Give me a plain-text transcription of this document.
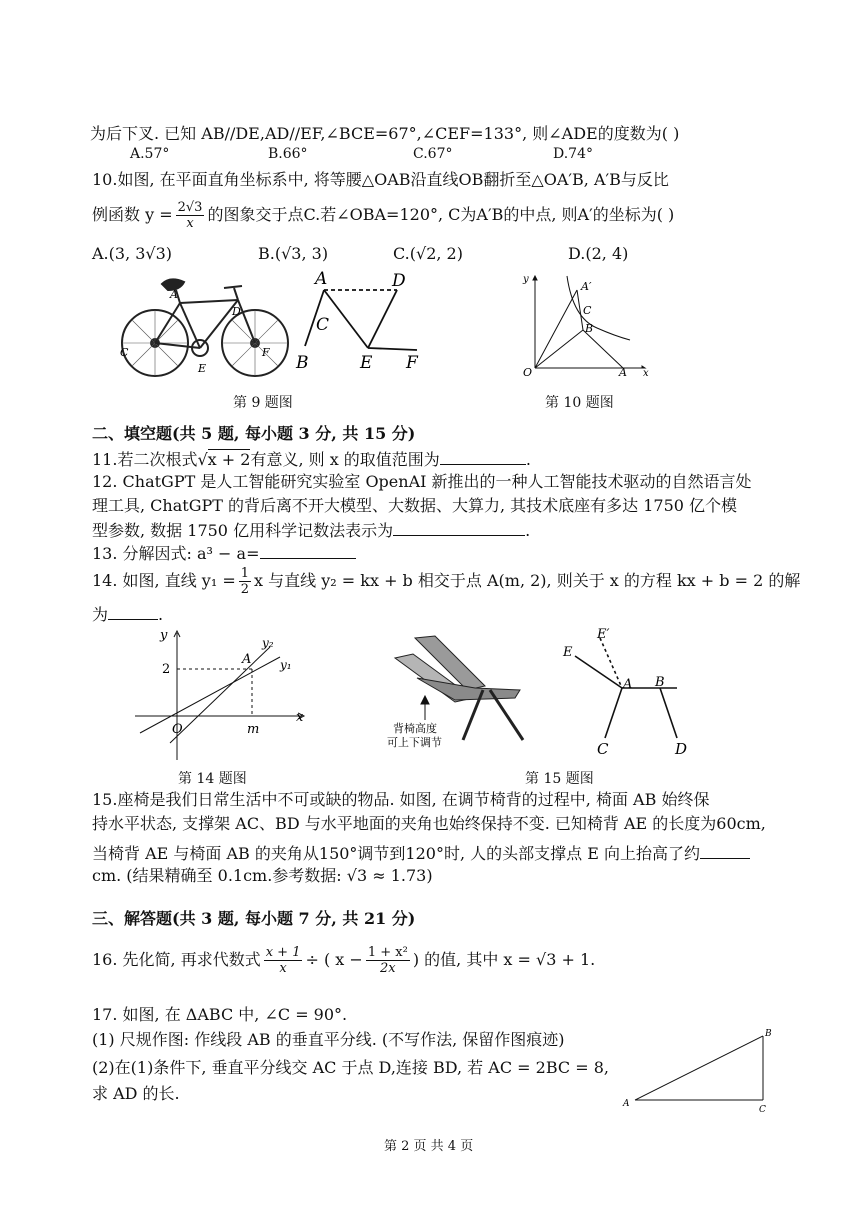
为后下叉. 已知 AB//DE,AD//EF,∠BCE=67°,∠CEF=133°, 则∠ADE的度数为( )
A.57°	B.66°	C.67°	D.74°
10.如图, 在平面直角坐标系中, 将等腰△OAB沿直线OB翻折至△OA′B, A′B与反比
例函数 $y = \frac{2√3}{x}$ 的图象交于点C.若∠OBA=120°, C为A′B的中点, 则A′的坐标为( )
A.(3, 3√3)	B.(√3, 3)	C.(√2, 2)	D.(2, 4)
A
D
C
E
F
A	D
C
B	E F
第 9 题图
y
A′
C
B
O	A x
第 10 题图
二、填空题(共 5 题, 每小题 3 分, 共 15 分)
11.若二次根式√x + 2有意义, 则 x 的取值范围为	.
12. ChatGPT 是人工智能研究实验室 OpenAI 新推出的一种人工智能技术驱动的自然语言处
理工具, ChatGPT 的背后离不开大模型、大数据、大算力, 其技术底座有多达 1750 亿个模
型参数, 数据 1750 亿用科学记数法表示为	.
13. 分解因式: a³ − a=
14. 如图, 直线 $y_1 = \frac{1}{2}$ x 与直线 y₂ = kx + b 相交于点 A(m, 2), 则关于 x 的方程 kx + b = 2 的解
为	.
y	y₂
y₁
A
2
O	m
x
第 14 题图
背椅高度
可上下调节
E′
E
A B
C	D
第 15 题图
15.座椅是我们日常生活中不可或缺的物品. 如图, 在调节椅背的过程中, 椅面 AB 始终保
持水平状态, 支撑架 AC、BD 与水平地面的夹角也始终保持不变. 已知椅背 AE 的长度为60cm,
当椅背 AE 与椅面 AB 的夹角从150°调节到120°时, 人的头部支撑点 E 向上抬高了约
cm. (结果精确至 0.1cm.参考数据: √3 ≈ 1.73)
三、解答题(共 3 题, 每小题 7 分, 共 21 分)
16. 先化简, 再求代数式 $\frac{x + 1}{x}$ ÷ ( $x - \frac{\text{1 + x²}}{2x}$ ) 的值, 其中 x = √3 + 1.
17. 如图, 在 ΔABC 中, ∠C = 90°.
(1) 尺规作图: 作线段 AB 的垂直平分线. (不写作法, 保留作图痕迹)
(2)在(1)条件下, 垂直平分线交 AC 于点 D,连接 BD, 若 AC = 2BC = 8,
求 AD 的长.
B
A
C
第 2 页 共 4 页
